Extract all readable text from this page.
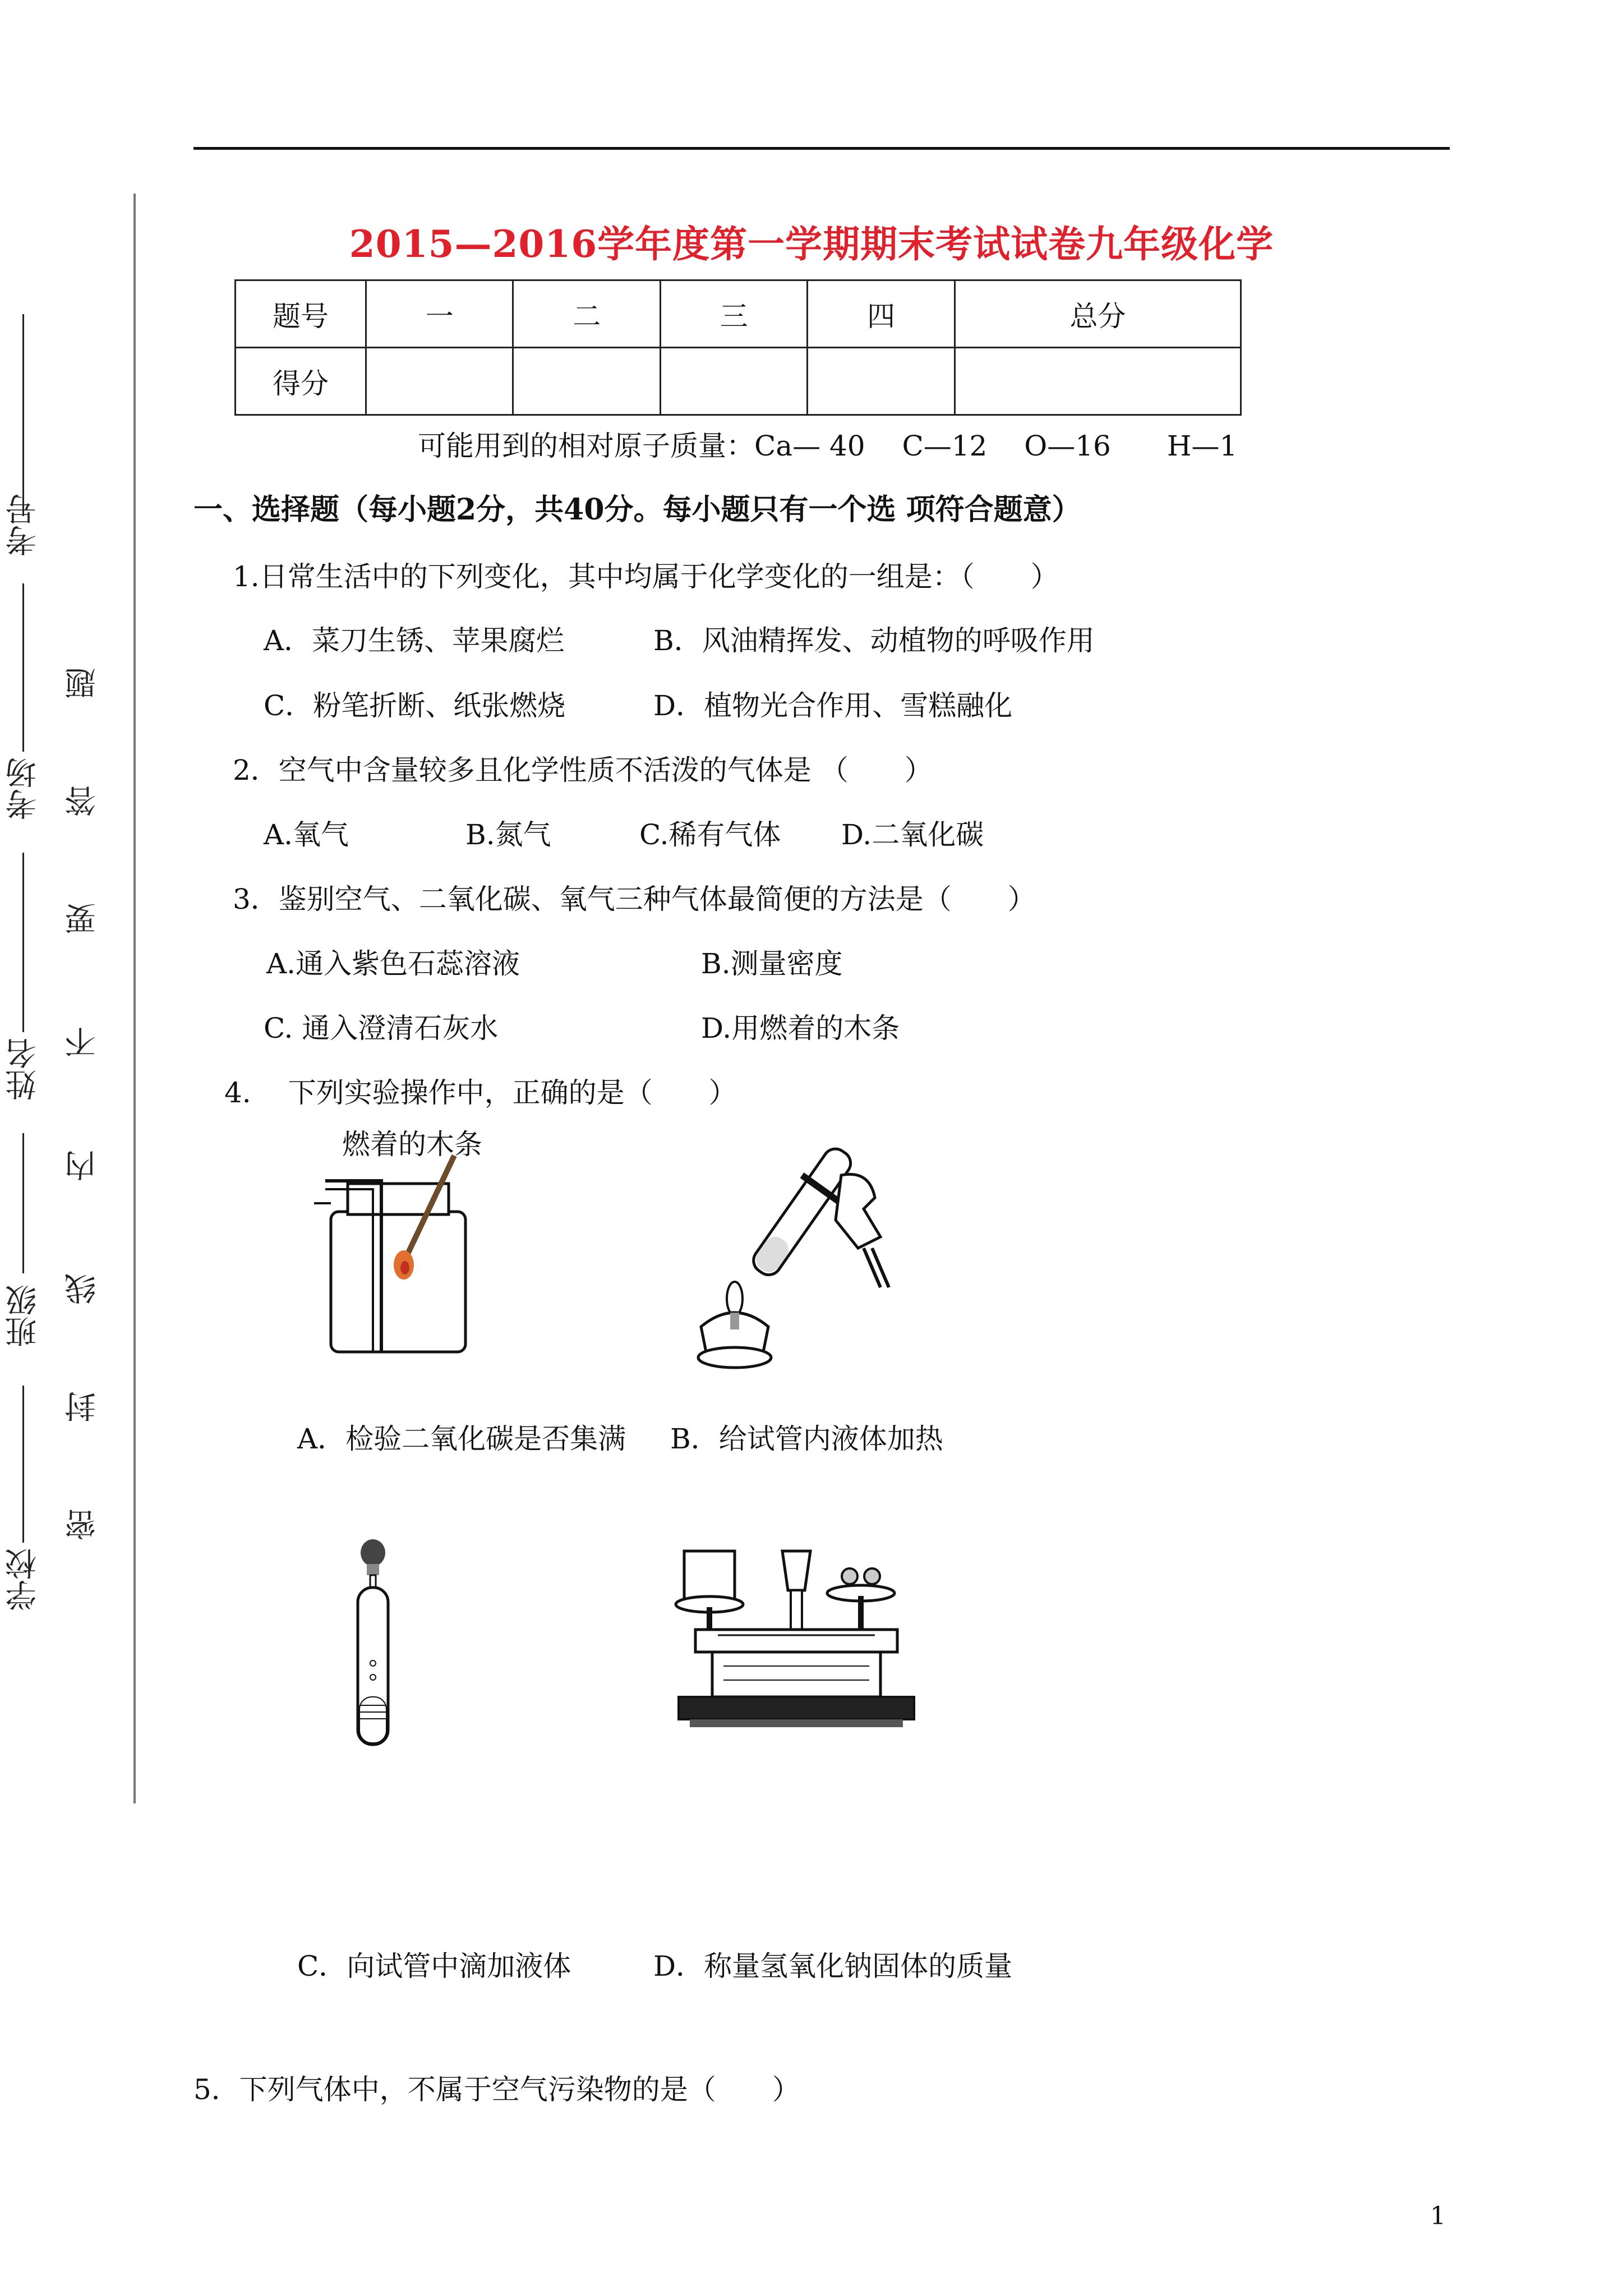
考号
考场
姓名
班级
学校
题
答
要
不
内
线
封
密
2015—2016学年度第一学期期末考试试卷九年级化学
题号	一	二	三	四	总分
得分					
可能用到的相对原子质量：Ca— 40　 C—12　 O—16　　H—1
一、选择题（每小题2分，共40分。每小题只有一个选 项符合题意）
1.日常生活中的下列变化，其中均属于化学变化的一组是：（　　）
A．菜刀生锈、苹果腐烂	B．风油精挥发、动植物的呼吸作用
C．粉笔折断、纸张燃烧	D．植物光合作用、雪糕融化
2．空气中含量较多且化学性质不活泼的气体是 （　　）
A.氧气	B.氮气	C.稀有气体 D.二氧化碳
3．鉴别空气、二氧化碳、氧气三种气体最简便的方法是（　　）
A.通入紫色石蕊溶液	B.测量密度
C. 通入澄清石灰水	D.用燃着的木条
4.　 下列实验操作中，正确的是（　　）
燃着的木条
A．检验二氧化碳是否集满 B．给试管内液体加热
C．向试管中滴加液体	D．称量氢氧化钠固体的质量
5．下列气体中，不属于空气污染物的是（　　）
1
